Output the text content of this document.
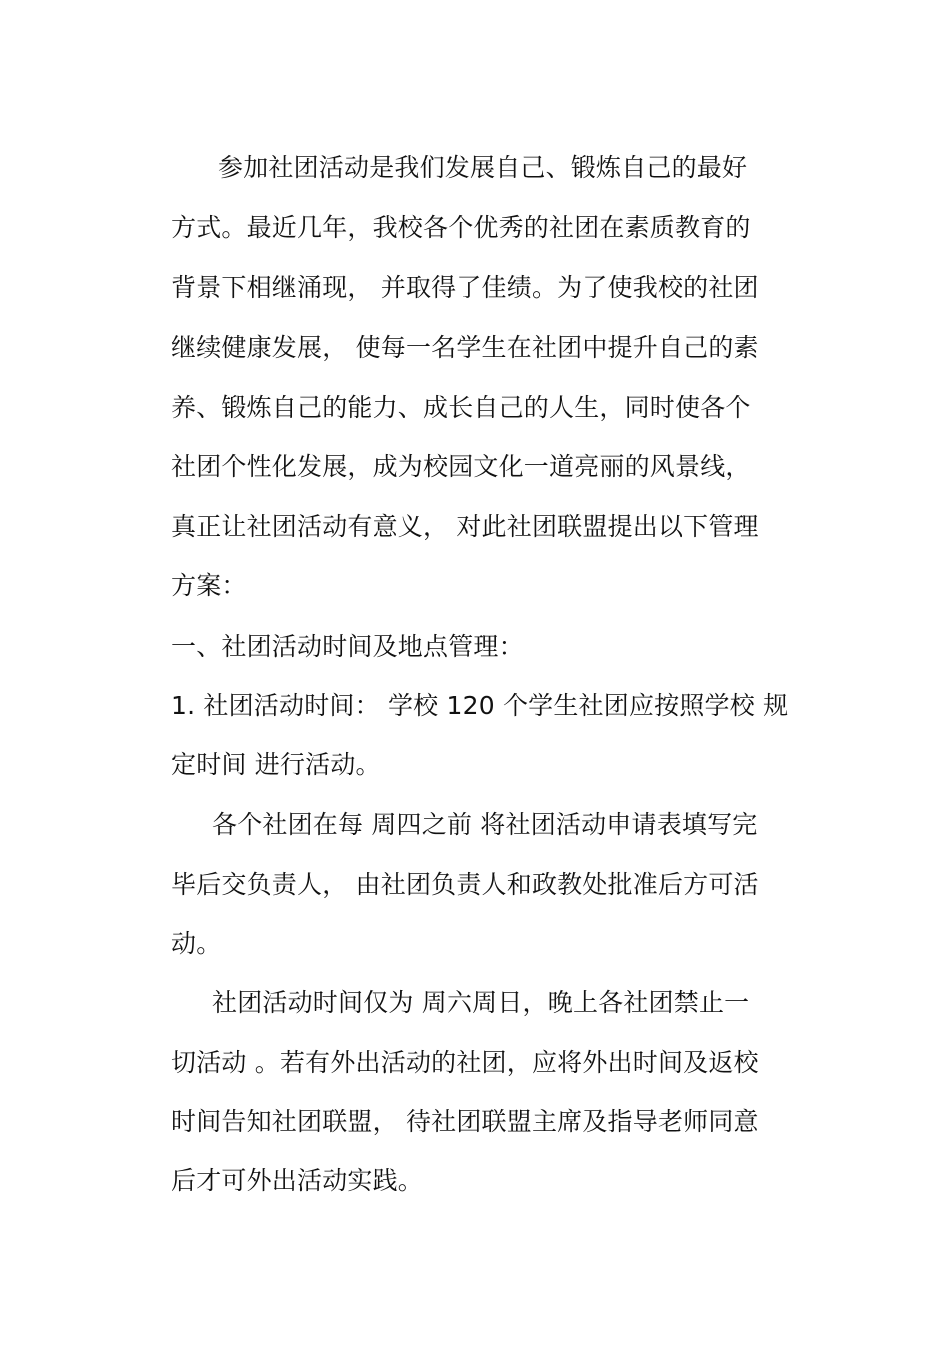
参加社团活动是我们发展自己、锻炼自己的最好
方式。最近几年，我校各个优秀的社团在素质教育的
背景下相继涌现， 并取得了佳绩。为了使我校的社团
继续健康发展， 使每一名学生在社团中提升自己的素
养、锻炼自己的能力、成长自己的人生，同时使各个
社团个性化发展，成为校园文化一道亮丽的风景线，
真正让社团活动有意义， 对此社团联盟提出以下管理
方案：
一、社团活动时间及地点管理：
1. 社团活动时间： 学校 120 个学生社团应按照学校 规
定时间 进行活动。
各个社团在每 周四之前 将社团活动申请表填写完
毕后交负责人， 由社团负责人和政教处批准后方可活
动。
社团活动时间仅为 周六周日，晚上各社团禁止一
切活动 。若有外出活动的社团，应将外出时间及返校
时间告知社团联盟， 待社团联盟主席及指导老师同意
后才可外出活动实践。
